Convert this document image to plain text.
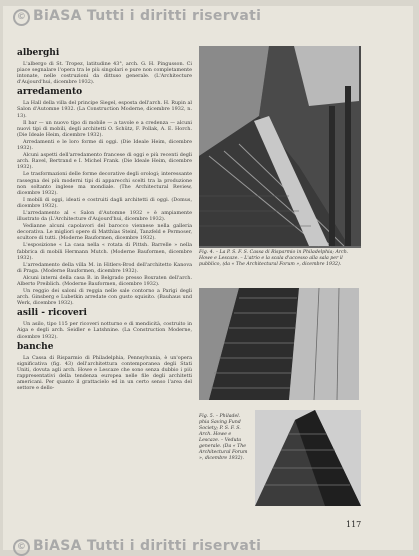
© BiASA Tutti i diritti riservati
alberghi

L'albergo di St. Tropez, latitudine 43°, arch. G. H. Pingusson. Ci piace segnalare l'opera tra le più singolari e pure non completamente intonate, nelle costruzioni da dittuso generale. (L'Architecture d'Aujourd'hui, dicembre 1932).

arredamento

La Hall della villa del principe Siegel, esposta dell'arch. H. Rupin al Salon d'Automne 1932. (La Construction Moderne, dicembre 1932, n. 13).

Il bar — un nuovo tipo di mobile — a tavole e a credenza — alcuni nuovi tipi di mobili, degli architetti O. Schütz, F. Pollak, A. E. Horch. (Die Ideale Heim, dicembre 1932).

Arredamenti e le loro forme di oggi. (Die Ideale Heim, dicembre 1932).

Alcuni aspetti dell'arredamento francese di oggi e più recenti degli arch. Ravel, Bertrand e I. Michel Frank. (Die Ideale Heim, dicembre 1932).

Le trasformazioni delle forme decorative degli orologi; interessante rassegna dei più moderni tipi di apparecchi scelti tra la produzione non soltanto inglese ma mondiale. (The Architectural Review, dicembre 1932).

I mobili di oggi, ideati e costruiti dagli architetti di oggi. (Domus, dicembre 1932).

L'arredamento al « Salon d'Automne 1932 » è ampiamente illustrato da (L'Architecture d'Aujourd'hui, dicembre 1932).

Vedianne alcuni capolavori del barocco viennese nella galleria decorativa. Le migliori opere di Matthias Steinl, Tanzfeld e Permoser, scultore di tutti. (Moderne Bauformen, dicembre 1932).

L'esposizione « La casa nella « rotata di Pittsh. Barrelle » nella fabbrica di mobili Hermann Mutch. (Moderne Bauformen, dicembre 1932).

L'arredamento della villa M. in Hitlers-Brod dell'architetto Kanova di Praga. (Moderne Bauformen, dicembre 1932).

Alcuni interni della casa B. in Belgrado presso Boxraten dell'arch. Alberto Preiblich. (Moderne Bauformen, dicembre 1932).

Un reggio dei saloni di reggia nelle sale contorno a Parigi degli arch. Ginsberg e Lubetkin arredate con gusto squisito. (Bauhaus und Werk, dicembre 1932).

asili - ricoveri

Un asilo, tipo 115 per ricoveri notturno e di mendicità, costruito in Aiga e degli arch. Seidler e Latshnine. (La Construction Moderne, dicembre 1932).

banche

La Cassa di Risparmio di Philadelphia, Pennsylvania, è un'opera significativa (fig. 43) dell'architettura contemporanea degli Stati Uniti, dovuta agli arch. Howe e Lescaze che sono senza dubbio i più rappresentativi della tendenza europea nelle file degli architetti americani. Per quanto il grattacielo ed in un certo senso l'area del settore e dello-

Fig. 4. – La P. S. F. S. Cassa di Risparmio in Philadelphia; Arch. Howe e Lescaze. – L'atrio e la scala d'accesso alla sala per il pubblico, (da « The Architectural Forum », dicembre 1932).
Fig. 5. – Philadel. phia Saving Fund Society; P. S. F. S. Arch. Howe e Lescaze. – Veduta generale. (Da « The Architectural Forum », dicembre 1932).
117
© BiASA Tutti i diritti riservati
